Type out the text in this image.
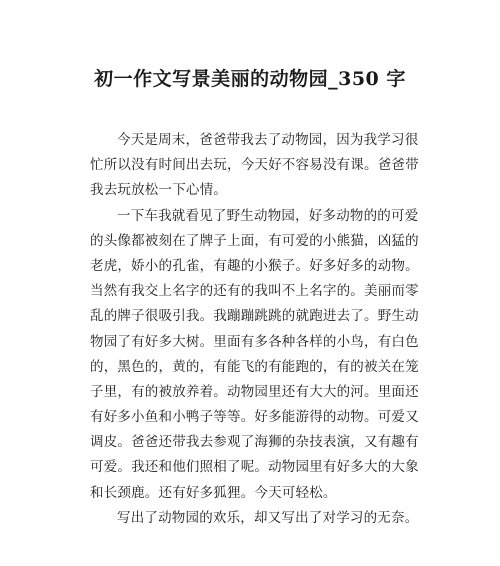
初一作文写景美丽的动物园_350 字
今天是周末，爸爸带我去了动物园，因为我学习很
忙所以没有时间出去玩，今天好不容易没有课。爸爸带
我去玩放松一下心情。
一下车我就看见了野生动物园，好多动物的的可爱
的头像都被刻在了牌子上面，有可爱的小熊猫，凶猛的
老虎，娇小的孔雀，有趣的小猴子。好多好多的动物。
当然有我交上名字的还有的我叫不上名字的。美丽而零
乱的牌子很吸引我。我蹦蹦跳跳的就跑进去了。野生动
物园了有好多大树。里面有多各种各样的小鸟，有白色
的，黑色的，黄的，有能飞的有能跑的，有的被关在笼
子里，有的被放养着。动物园里还有大大的河。里面还
有好多小鱼和小鸭子等等。好多能游得的动物。可爱又
调皮。爸爸还带我去参观了海狮的杂技表演，又有趣有
可爱。我还和他们照相了呢。动物园里有好多大的大象
和长颈鹿。还有好多狐狸。今天可轻松。
写出了动物园的欢乐，却又写出了对学习的无奈。
